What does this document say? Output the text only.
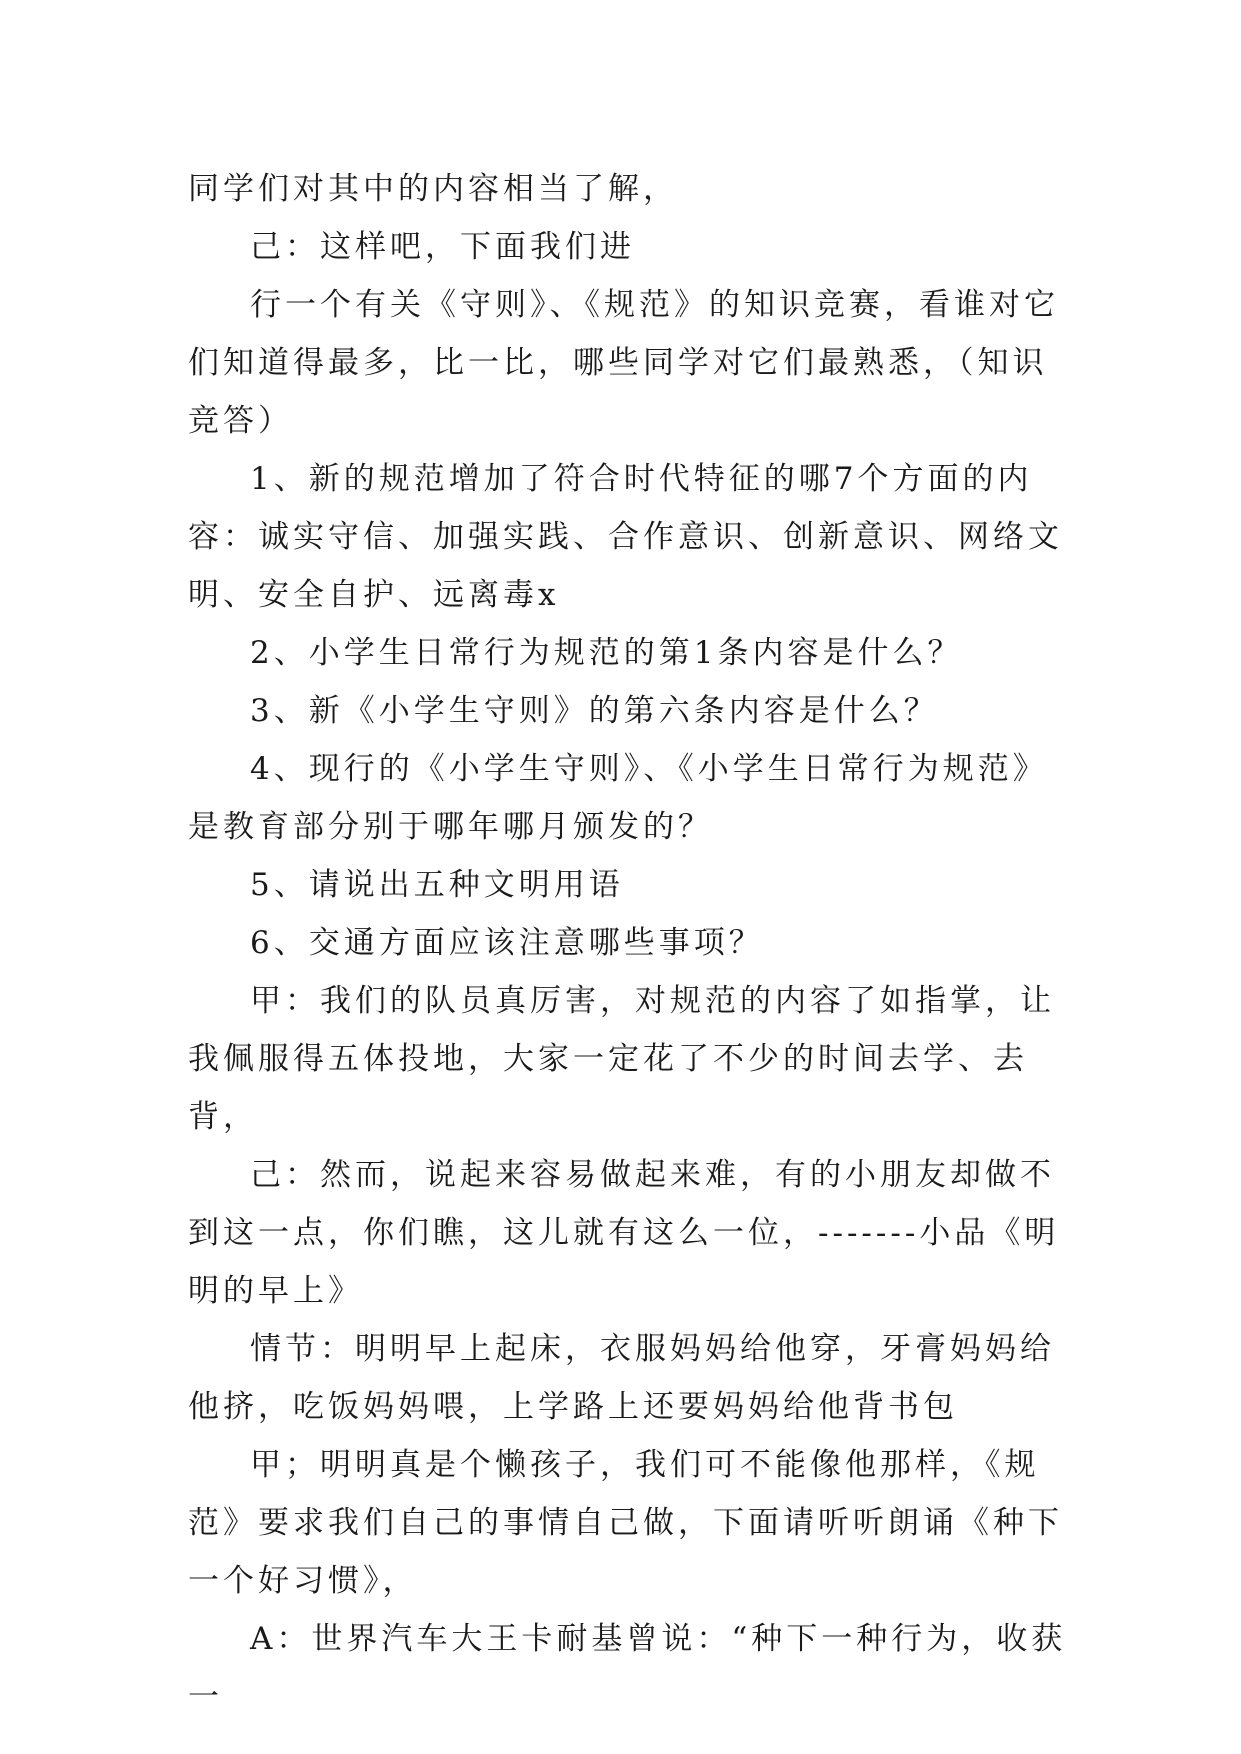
同学们对其中的内容相当了解，

己：这样吧，下面我们进

行一个有关《守则》、《规范》的知识竞赛，看谁对它们知道得最多，比一比，哪些同学对它们最熟悉，（知识竞答）

1、新的规范增加了符合时代特征的哪7个方面的内容：诚实守信、加强实践、合作意识、创新意识、网络文明、安全自护、远离毒x

2、小学生日常行为规范的第1条内容是什么？

3、新《小学生守则》的第六条内容是什么？

4、现行的《小学生守则》、《小学生日常行为规范》是教育部分别于哪年哪月颁发的？

5、请说出五种文明用语

6、交通方面应该注意哪些事项？

甲：我们的队员真厉害，对规范的内容了如指掌，让我佩服得五体投地，大家一定花了不少的时间去学、去背，

己：然而，说起来容易做起来难，有的小朋友却做不到这一点，你们瞧，这儿就有这么一位，-------小品《明明的早上》

情节：明明早上起床，衣服妈妈给他穿，牙膏妈妈给他挤，吃饭妈妈喂，上学路上还要妈妈给他背书包

甲；明明真是个懒孩子，我们可不能像他那样，《规范》要求我们自己的事情自己做，下面请听听朗诵《种下一个好习惯》，

A：世界汽车大王卡耐基曾说：“种下一种行为，收获一
